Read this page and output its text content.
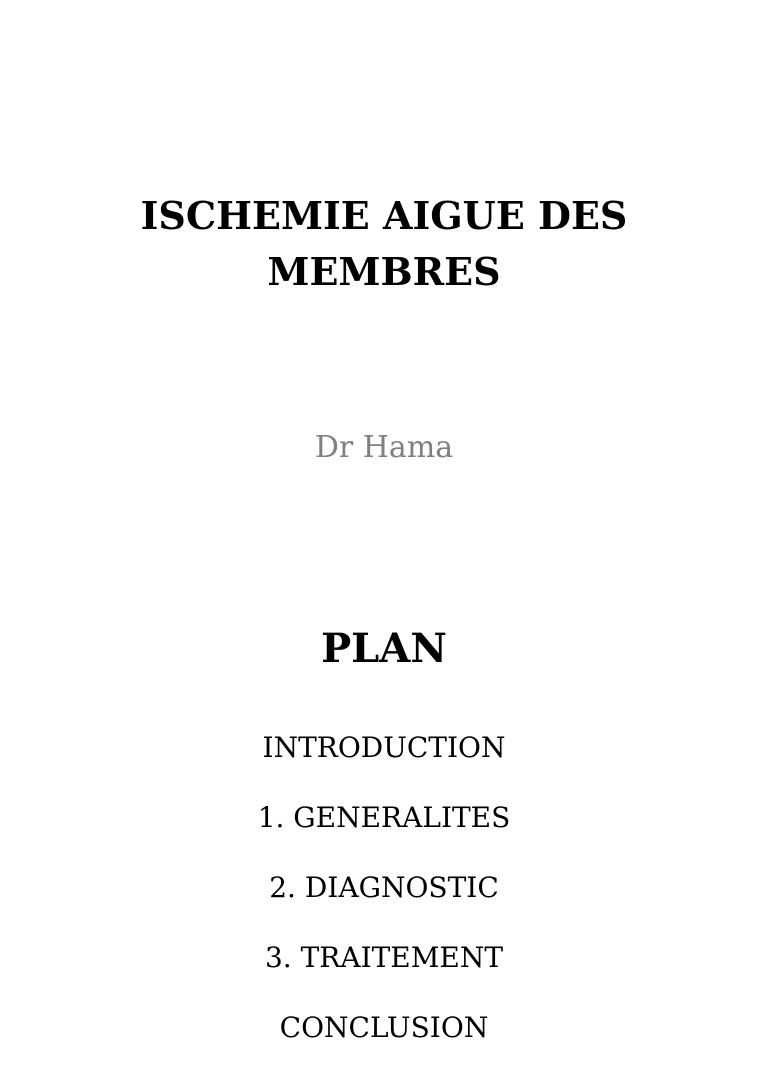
ISCHEMIE AIGUE DES
MEMBRES
Dr Hama
PLAN
INTRODUCTION
1. GENERALITES
2. DIAGNOSTIC
3. TRAITEMENT
CONCLUSION
